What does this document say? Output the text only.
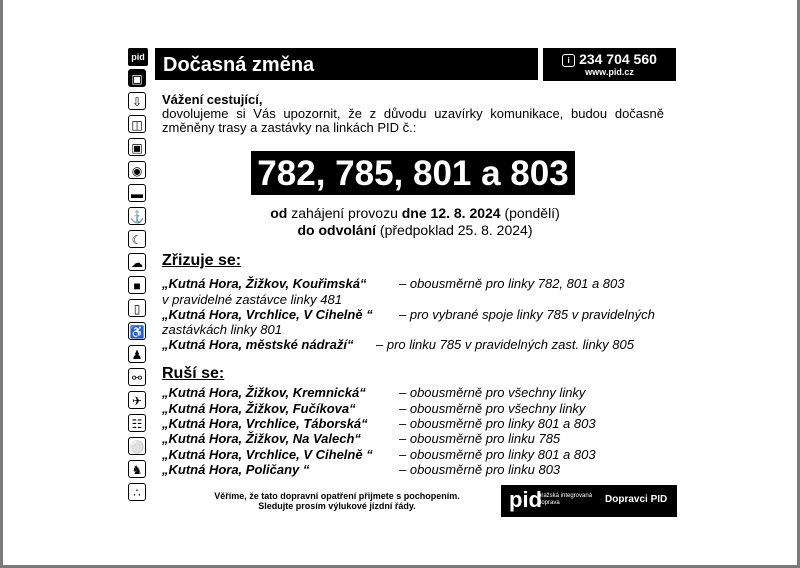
pid
▣
⇩
◫
▣
◉
▬
⚓
☾
☁
■
▯
♿
♟
⚯
✈
☷
⚪
♞
∴
Dočasná změna	i 234 704 560
www.pid.cz
Vážení cestující,
dovolujeme si Vás upozornit, že z důvodu uzavírky komunikace, budou dočasně změněny trasy a zastávky na linkách PID č.:
782, 785, 801 a 803
od zahájení provozu dne 12. 8. 2024 (pondělí)
do odvolání (předpoklad 25. 8. 2024)
Zřizuje se:
„Kutná Hora, Žižkov, Kouřimská“	– obousměrně pro linky 782, 801 a 803
v pravidelné zastávce linky 481
„Kutná Hora, Vrchlice, V Cihelně “ – pro vybrané spoje linky 785 v pravidelných
zastávkách linky 801
„Kutná Hora, městské nádraží“ – pro linku 785 v pravidelných zast. linky 805
Ruší se:
„Kutná Hora, Žižkov, Kremnická“	– obousměrně pro všechny linky
„Kutná Hora, Žižkov, Fučíkova“	– obousměrně pro všechny linky
„Kutná Hora, Vrchlice, Táborská“ – obousměrně pro linky 801 a 803
„Kutná Hora, Žižkov, Na Valech“	– obousměrně pro linku 785
„Kutná Hora, Vrchlice, V Cihelně “ – obousměrně pro linky 801 a 803
„Kutná Hora, Poličany “	– obousměrně pro linku 803
Věříme, že tato dopravní opatření přijmete s pochopením.
Sledujte prosím výlukové jízdní řády.	pid
pražská integrovaná doprava	Dopravci PID
